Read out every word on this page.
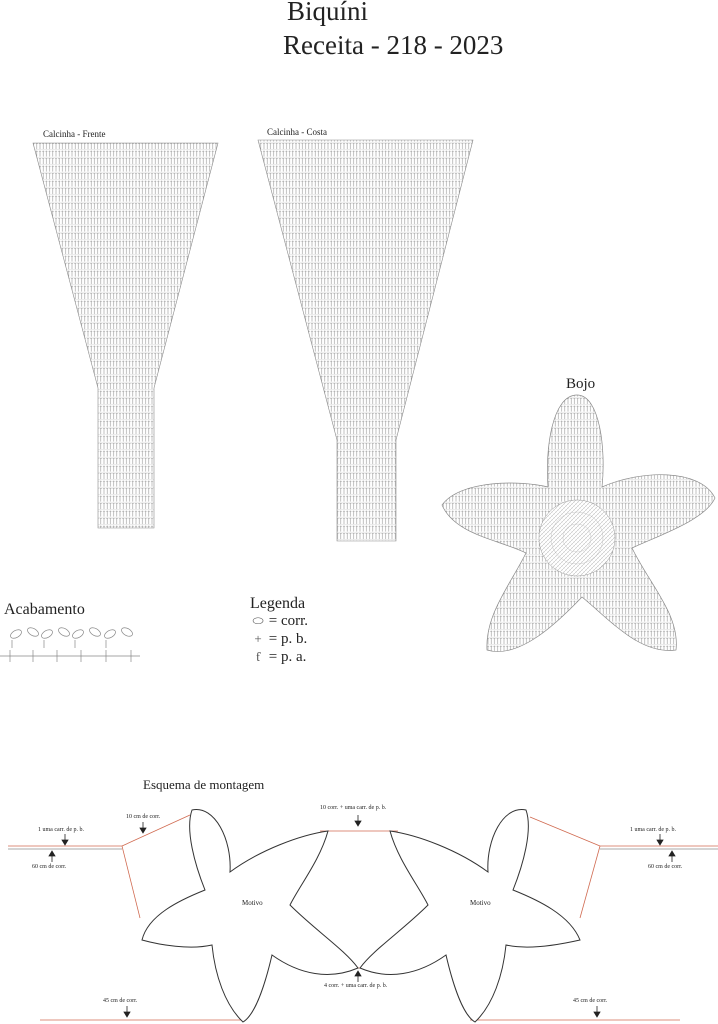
Biquíni
Receita - 218 - 2023
Calcinha - Frente	Calcinha - Costa
Bojo
Acabamento	Legenda
⬭ = corr.
+ = p. b.
ƭ = p. a.
Esquema de montagem
Motivo	Motivo
1 uma carr. de p. b.
10 cm de corr.
60 cm de corr.
10 corr. + uma carr. de p. b.
1 uma carr. de p. b.
60 cm de corr.
4 corr. + uma carr. de p. b.
45 cm de corr.	45 cm de corr.
